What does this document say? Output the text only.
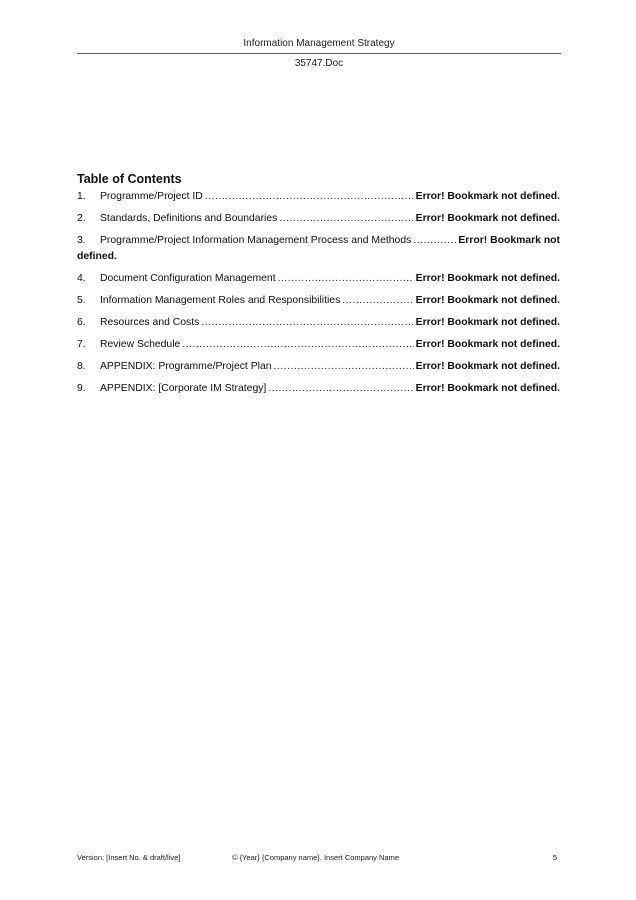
Information Management Strategy
35747.Doc
Table of Contents
1.	Programme/Project ID .....	Error! Bookmark not defined.
2.	Standards, Definitions and Boundaries .....	Error! Bookmark not defined.
3.	Programme/Project Information Management Process and Methods .....	Error! Bookmark not
defined.
4.	Document Configuration Management .....	Error! Bookmark not defined.
5.	Information Management Roles and Responsibilities .....	Error! Bookmark not defined.
6.	Resources and Costs .....	Error! Bookmark not defined.
7.	Review Schedule .....	Error! Bookmark not defined.
8.	APPENDIX: Programme/Project Plan .....	Error! Bookmark not defined.
9.	APPENDIX: [Corporate IM Strategy] .....	Error! Bookmark not defined.
Version: [Insert No. & draft/live]	© {Year} {Company name}. Insert Company Name	5
